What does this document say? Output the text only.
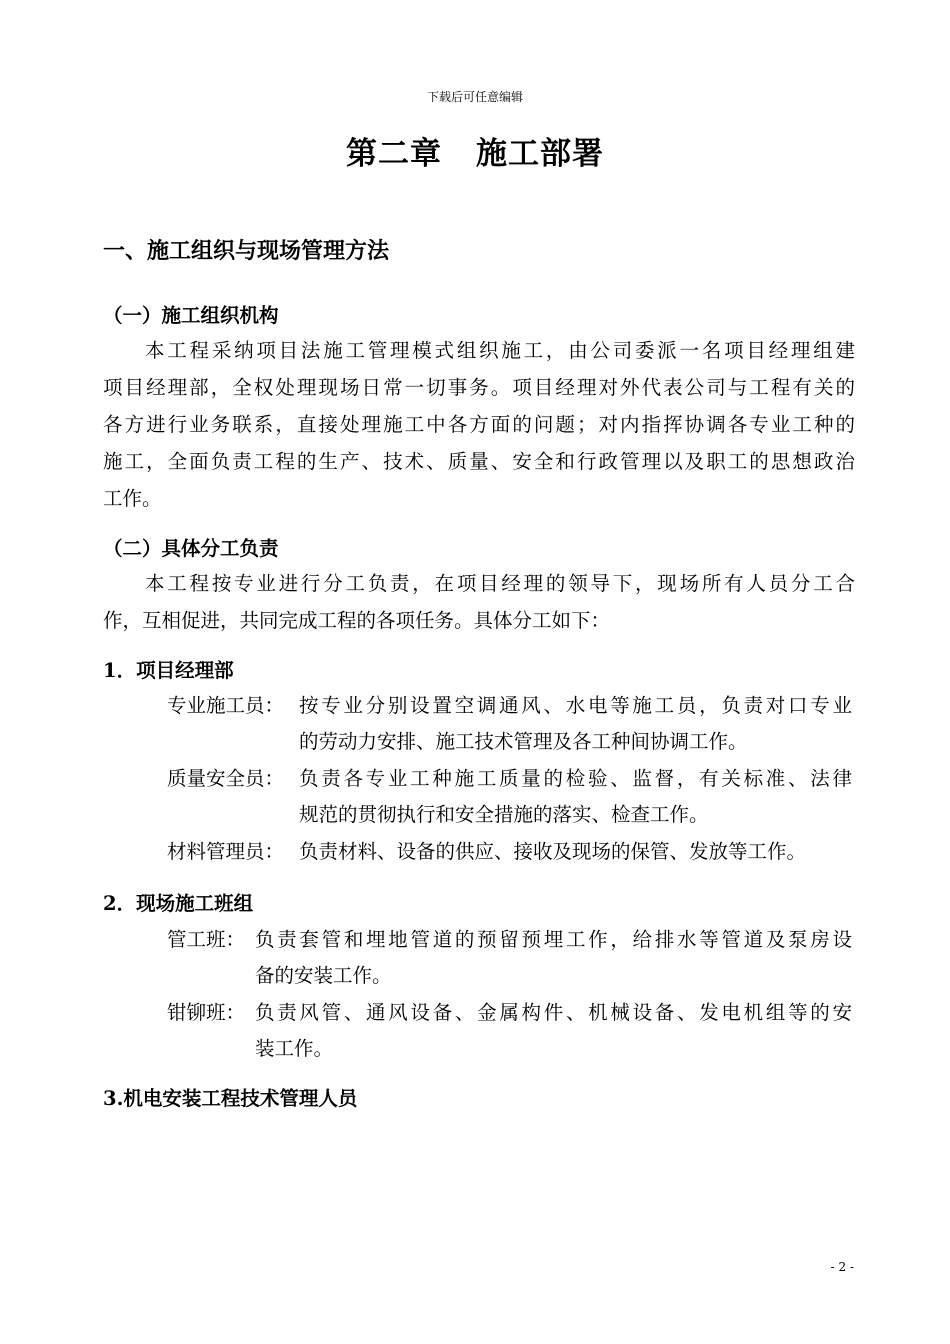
下载后可任意编辑
第二章 施工部署
一、施工组织与现场管理方法
（一）施工组织机构
本工程采纳项目法施工管理模式组织施工，由公司委派一名项目经理组建
项目经理部，全权处理现场日常一切事务。项目经理对外代表公司与工程有关的
各方进行业务联系，直接处理施工中各方面的问题；对内指挥协调各专业工种的
施工，全面负责工程的生产、技术、质量、安全和行政管理以及职工的思想政治
工作。
（二）具体分工负责
本工程按专业进行分工负责，在项目经理的领导下，现场所有人员分工合
作，互相促进，共同完成工程的各项任务。具体分工如下：
1．项目经理部
专业施工员： 按专业分别设置空调通风、水电等施工员，负责对口专业
的劳动力安排、施工技术管理及各工种间协调工作。
质量安全员： 负责各专业工种施工质量的检验、监督，有关标准、法律
规范的贯彻执行和安全措施的落实、检查工作。
材料管理员： 负责材料、设备的供应、接收及现场的保管、发放等工作。
2．现场施工班组
管工班： 负责套管和埋地管道的预留预埋工作，给排水等管道及泵房设
备的安装工作。
钳铆班： 负责风管、通风设备、金属构件、机械设备、发电机组等的安
装工作。
3.机电安装工程技术管理人员
- 2 -
